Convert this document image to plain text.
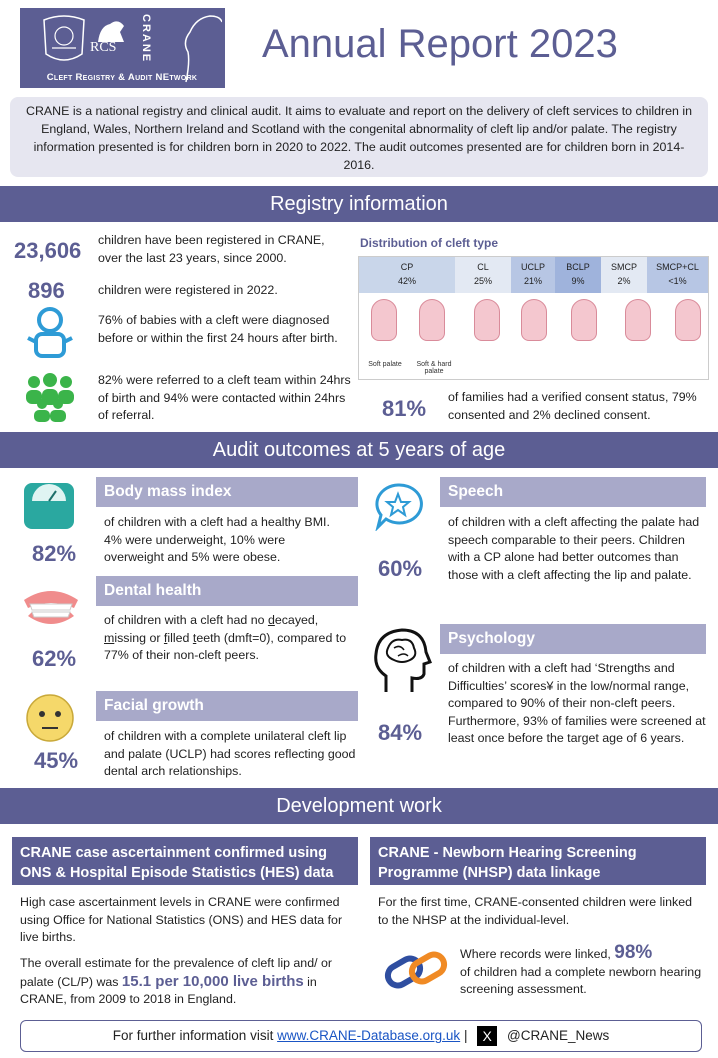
RCS CRANE
Cleft Registry & Audit NEtwork
Annual Report 2023
CRANE is a national registry and clinical audit. It aims to evaluate and report on the delivery of cleft services to children in England, Wales, Northern Ireland and Scotland with the congenital abnormality of cleft lip and/or palate. The registry information presented is for children born in 2020 to 2022. The audit outcomes presented are for children born in 2014-2016.
Registry information
23,606 children have been registered in CRANE, over the last 23 years, since 2000.
896	children were registered in 2022.
76% of babies with a cleft were diagnosed before or within the first 24 hours after birth.
82% were referred to a cleft team within 24hrs of birth and 94% were contacted within 24hrs of referral.
Distribution of cleft type
CP
42%
CL
25%
UCLP
21%
BCLP
9%
SMCP
2%
SMCP+CL
<1%
Soft palate	Soft & hard palate
81% of families had a verified consent status, 79% consented and 2% declined consent.
Audit outcomes at 5 years of age
Body mass index
of children with a cleft had a healthy BMI. 4% were underweight, 10% were overweight and 5% were obese.
82%
Dental health
of children with a cleft had no decayed, missing or filled teeth (dmft=0), compared to 77% of their non-cleft peers.
62%
Facial growth
of children with a complete unilateral cleft lip and palate (UCLP) had scores reflecting good dental arch relationships.
45%
Speech
of children with a cleft affecting the palate had speech comparable to their peers. Children with a CP alone had better outcomes than those with a cleft affecting the lip and palate.
60%
Psychology
of children with a cleft had ‘Strengths and Difficulties’ scores¥ in the low/normal range, compared to 90% of their non-cleft peers. Furthermore, 93% of families were screened at least once before the target age of 6 years.
84%
Development work
CRANE case ascertainment confirmed using ONS & Hospital Episode Statistics (HES) data
High case ascertainment levels in CRANE were confirmed using Office for National Statistics (ONS) and HES data for live births.
The overall estimate for the prevalence of cleft lip and/ or palate (CL/P) was 15.1 per 10,000 live births in CRANE, from 2009 to 2018 in England.
CRANE - Newborn Hearing Screening Programme (NHSP) data linkage
For the first time, CRANE-consented children were linked to the NHSP at the individual-level.
Where records were linked, 98%
of children had a complete newborn hearing screening assessment.
For further information visit www.CRANE-Database.org.uk | X @CRANE_News
